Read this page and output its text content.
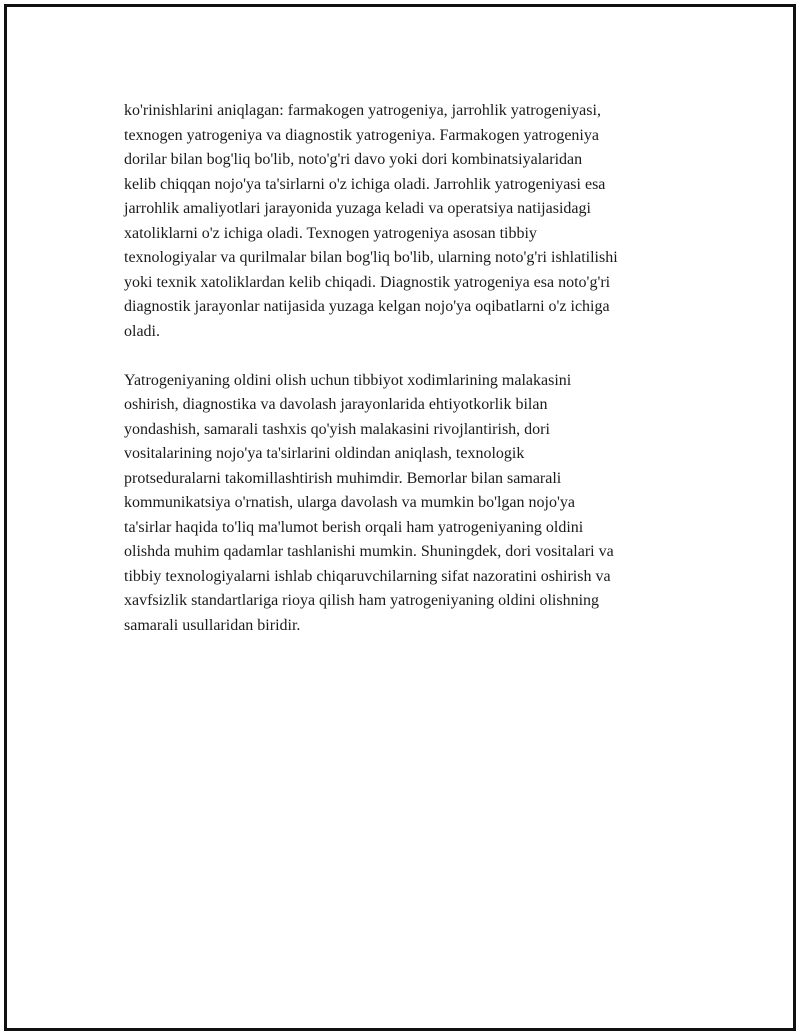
ko'rinishlarini aniqlagan: farmakogen yatrogeniya, jarrohlik yatrogeniyasi,
texnogen yatrogeniya va diagnostik yatrogeniya. Farmakogen yatrogeniya
dorilar bilan bog'liq bo'lib, noto'g'ri davo yoki dori kombinatsiyalaridan
kelib chiqqan nojo'ya ta'sirlarni o'z ichiga oladi. Jarrohlik yatrogeniyasi esa
jarrohlik amaliyotlari jarayonida yuzaga keladi va operatsiya natijasidagi
xatoliklarni o'z ichiga oladi. Texnogen yatrogeniya asosan tibbiy
texnologiyalar va qurilmalar bilan bog'liq bo'lib, ularning noto'g'ri ishlatilishi
yoki texnik xatoliklardan kelib chiqadi. Diagnostik yatrogeniya esa noto'g'ri
diagnostik jarayonlar natijasida yuzaga kelgan nojo'ya oqibatlarni o'z ichiga
oladi.

Yatrogeniyaning oldini olish uchun tibbiyot xodimlarining malakasini
oshirish, diagnostika va davolash jarayonlarida ehtiyotkorlik bilan
yondashish, samarali tashxis qo'yish malakasini rivojlantirish, dori
vositalarining nojo'ya ta'sirlarini oldindan aniqlash, texnologik
protseduralarni takomillashtirish muhimdir. Bemorlar bilan samarali
kommunikatsiya o'rnatish, ularga davolash va mumkin bo'lgan nojo'ya
ta'sirlar haqida to'liq ma'lumot berish orqali ham yatrogeniyaning oldini
olishda muhim qadamlar tashlanishi mumkin. Shuningdek, dori vositalari va
tibbiy texnologiyalarni ishlab chiqaruvchilarning sifat nazoratini oshirish va
xavfsizlik standartlariga rioya qilish ham yatrogeniyaning oldini olishning
samarali usullaridan biridir.
